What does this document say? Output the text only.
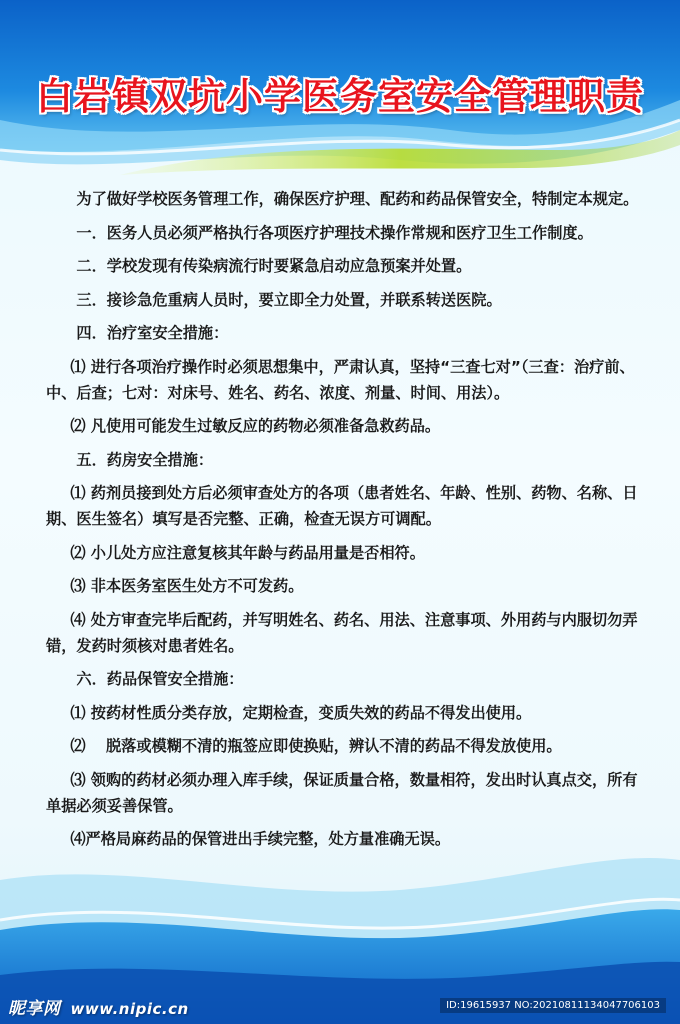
白岩镇双坑小学医务室安全管理职责

为了做好学校医务管理工作，确保医疗护理、配药和药品保管安全，特制定本规定。

一．医务人员必须严格执行各项医疗护理技术操作常规和医疗卫生工作制度。

二．学校发现有传染病流行时要紧急启动应急预案并处置。

三．接诊急危重病人员时，要立即全力处置，并联系转送医院。

四．治疗室安全措施：

⑴ 进行各项治疗操作时必须思想集中，严肃认真，坚持“三查七对”（三查：治疗前、中、后查；七对：对床号、姓名、药名、浓度、剂量、时间、用法）。

⑵ 凡使用可能发生过敏反应的药物必须准备急救药品。

五．药房安全措施：

⑴ 药剂员接到处方后必须审查处方的各项（患者姓名、年龄、性别、药物、名称、日期、医生签名）填写是否完整、正确，检查无误方可调配。

⑵ 小儿处方应注意复核其年龄与药品用量是否相符。

⑶ 非本医务室医生处方不可发药。

⑷ 处方审查完毕后配药，并写明姓名、药名、用法、注意事项、外用药与内服切勿弄错，发药时须核对患者姓名。

六．药品保管安全措施：

⑴ 按药材性质分类存放，定期检查，变质失效的药品不得发出使用。

⑵　 脱落或模糊不清的瓶签应即使换贴，辨认不清的药品不得发放使用。

⑶ 领购的药材必须办理入库手续，保证质量合格，数量相符，发出时认真点交，所有单据必须妥善保管。

⑷严格局麻药品的保管进出手续完整，处方量准确无误。

昵享网 www.nipic.cn	ID:19615937 NO:20210811134047706103
